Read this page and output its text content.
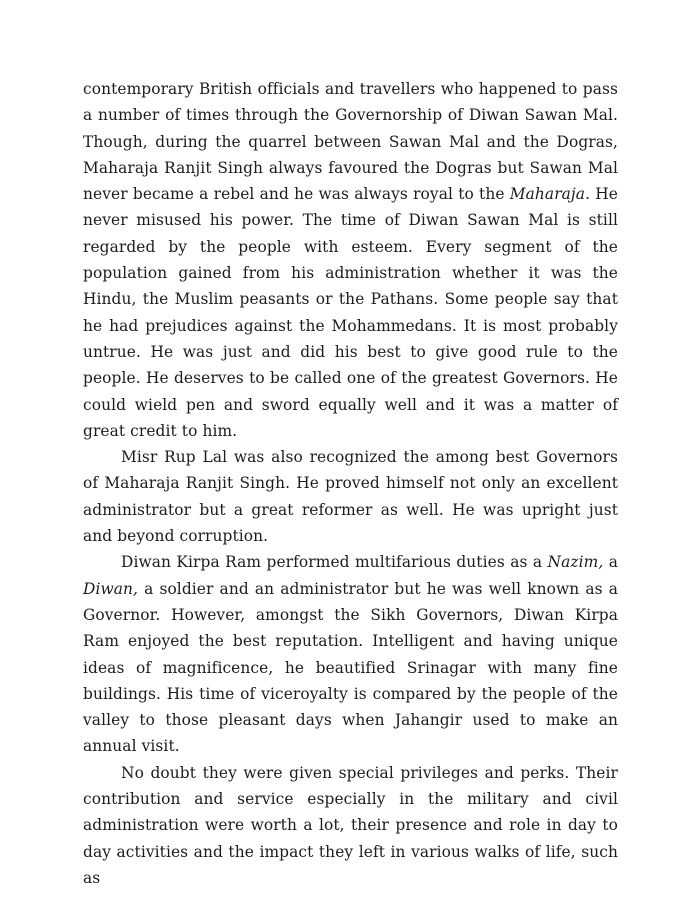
contemporary British officials and travellers who happened to pass a number of times through the Governorship of Diwan Sawan Mal. Though, during the quarrel between Sawan Mal and the Dogras, Maharaja Ranjit Singh always favoured the Dogras but Sawan Mal never became a rebel and he was always royal to the Maharaja. He never misused his power. The time of Diwan Sawan Mal is still regarded by the people with esteem. Every segment of the population gained from his administration whether it was the Hindu, the Muslim peasants or the Pathans. Some people say that he had prejudices against the Mohammedans. It is most probably untrue. He was just and did his best to give good rule to the people. He deserves to be called one of the greatest Governors. He could wield pen and sword equally well and it was a matter of great credit to him.

Misr Rup Lal was also recognized the among best Governors of Maharaja Ranjit Singh. He proved himself not only an excellent administrator but a great reformer as well. He was upright just and beyond corruption.

Diwan Kirpa Ram performed multifarious duties as a Nazim, a Diwan, a soldier and an administrator but he was well known as a Governor. However, amongst the Sikh Governors, Diwan Kirpa Ram enjoyed the best reputation. Intelligent and having unique ideas of magnificence, he beautified Srinagar with many fine buildings. His time of viceroyalty is compared by the people of the valley to those pleasant days when Jahangir used to make an annual visit.

No doubt they were given special privileges and perks. Their contribution and service especially in the military and civil administration were worth a lot, their presence and role in day to day activities and the impact they left in various walks of life, such as
